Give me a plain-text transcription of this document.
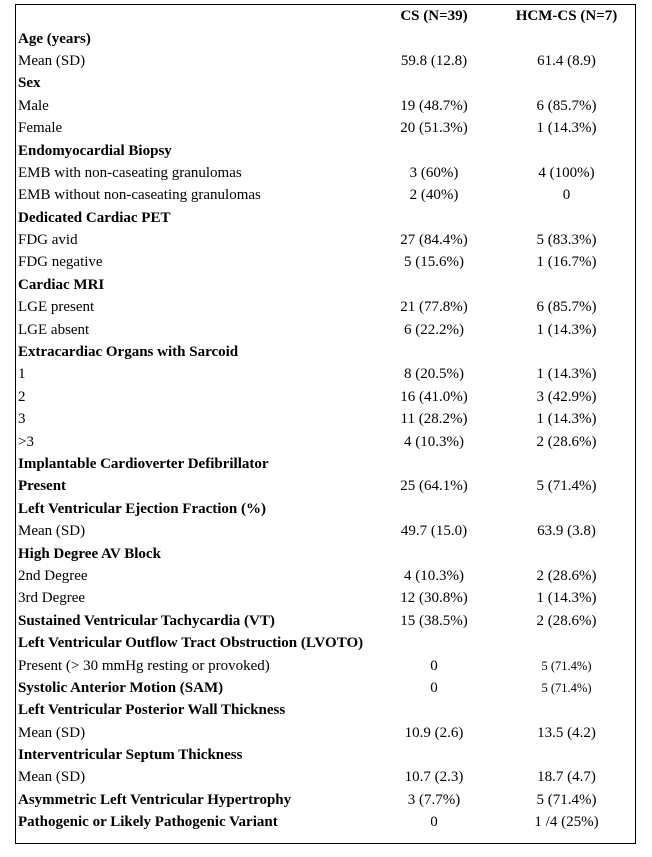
	CS (N=39)	HCM-CS (N=7)
Age (years)		
Mean (SD)	59.8 (12.8)	61.4 (8.9)
Sex		
Male	19 (48.7%)	6 (85.7%)
Female	20 (51.3%)	1 (14.3%)
Endomyocardial Biopsy		
EMB with non-caseating granulomas	3 (60%)	4 (100%)
EMB without non-caseating granulomas	2 (40%)	0
Dedicated Cardiac PET		
FDG avid	27 (84.4%)	5 (83.3%)
FDG negative	5 (15.6%)	1 (16.7%)
Cardiac MRI		
LGE present	21 (77.8%)	6 (85.7%)
LGE absent	6 (22.2%)	1 (14.3%)
Extracardiac Organs with Sarcoid		
1	8 (20.5%)	1 (14.3%)
2	16 (41.0%)	3 (42.9%)
3	11 (28.2%)	1 (14.3%)
>3	4 (10.3%)	2 (28.6%)
Implantable Cardioverter Defibrillator		
Present	25 (64.1%)	5 (71.4%)
Left Ventricular Ejection Fraction (%)		
Mean (SD)	49.7 (15.0)	63.9 (3.8)
High Degree AV Block		
2nd Degree	4 (10.3%)	2 (28.6%)
3rd Degree	12 (30.8%)	1 (14.3%)
Sustained Ventricular Tachycardia (VT)	15 (38.5%)	2 (28.6%)
Left Ventricular Outflow Tract Obstruction (LVOTO)		
Present (> 30 mmHg resting or provoked)	0	5 (71.4%)
Systolic Anterior Motion (SAM)	0	5 (71.4%)
Left Ventricular Posterior Wall Thickness		
Mean (SD)	10.9 (2.6)	13.5 (4.2)
Interventricular Septum Thickness		
Mean (SD)	10.7 (2.3)	18.7 (4.7)
Asymmetric Left Ventricular Hypertrophy	3 (7.7%)	5 (71.4%)
Pathogenic or Likely Pathogenic Variant	0	1 /4 (25%)
